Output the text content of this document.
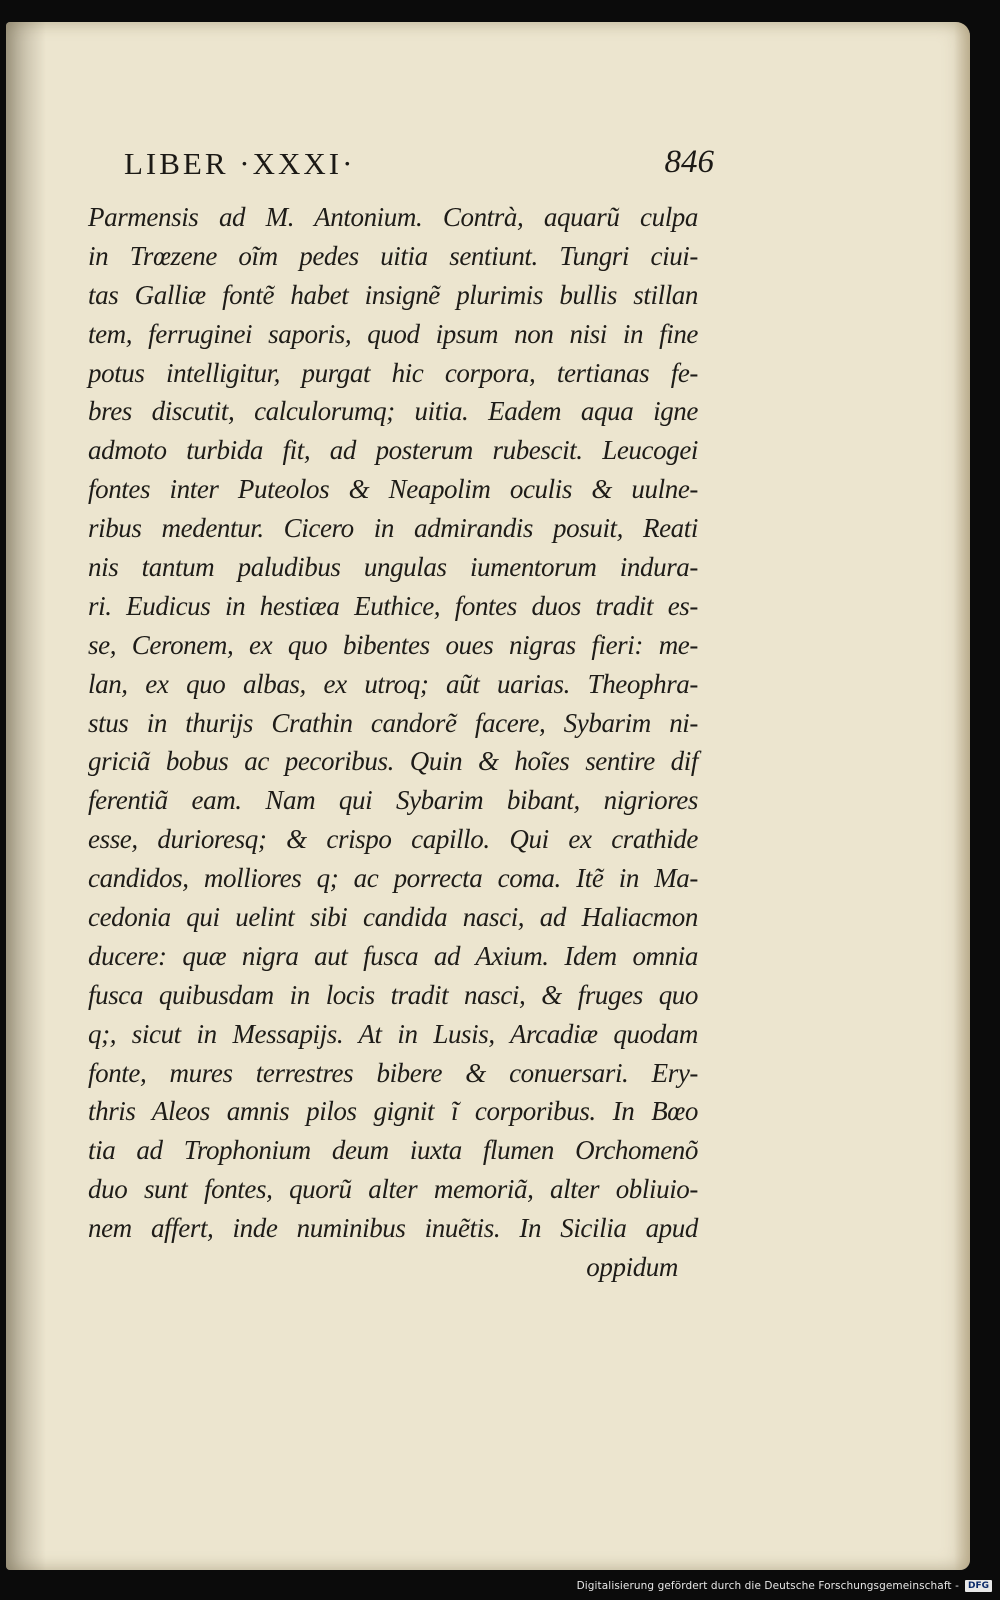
LIBER ·XXXI·	846
Parmensis ad M. Antonium. Contrà, aquarũ culpa
in Trœzene oĩm pedes uitia sentiunt. Tungri ciui-
tas Galliæ fontẽ habet insignẽ plurimis bullis stillan
tem, ferruginei saporis, quod ipsum non nisi in fine
potus intelligitur, purgat hic corpora, tertianas fe-
bres discutit, calculorumq; uitia. Eadem aqua igne
admoto turbida fit, ad posterum rubescit. Leucogei
fontes inter Puteolos & Neapolim oculis & uulne-
ribus medentur. Cicero in admirandis posuit, Reati
nis tantum paludibus ungulas iumentorum indura-
ri. Eudicus in hestiæa Euthice, fontes duos tradit es-
se, Ceronem, ex quo bibentes oues nigras fieri: me-
lan, ex quo albas, ex utroq; aũt uarias. Theophra-
stus in thurijs Crathin candorẽ facere, Sybarim ni-
griciã bobus ac pecoribus. Quin & hoĩes sentire dif
ferentiã eam. Nam qui Sybarim bibant, nigriores
esse, durioresq; & crispo capillo. Qui ex crathide
candidos, molliores q; ac porrecta coma. Itẽ in Ma-
cedonia qui uelint sibi candida nasci, ad Haliacmon
ducere: quæ nigra aut fusca ad Axium. Idem omnia
fusca quibusdam in locis tradit nasci, & fruges quo
q;, sicut in Messapijs. At in Lusis, Arcadiæ quodam
fonte, mures terrestres bibere & conuersari. Ery-
thris Aleos amnis pilos gignit ĩ corporibus. In Bœo
tia ad Trophonium deum iuxta flumen Orchomenõ
duo sunt fontes, quorũ alter memoriã, alter obliuio-
nem affert, inde numinibus inuẽtis. In Sicilia apud
oppidum
Digitalisierung gefördert durch die Deutsche Forschungsgemeinschaft -	DFG
